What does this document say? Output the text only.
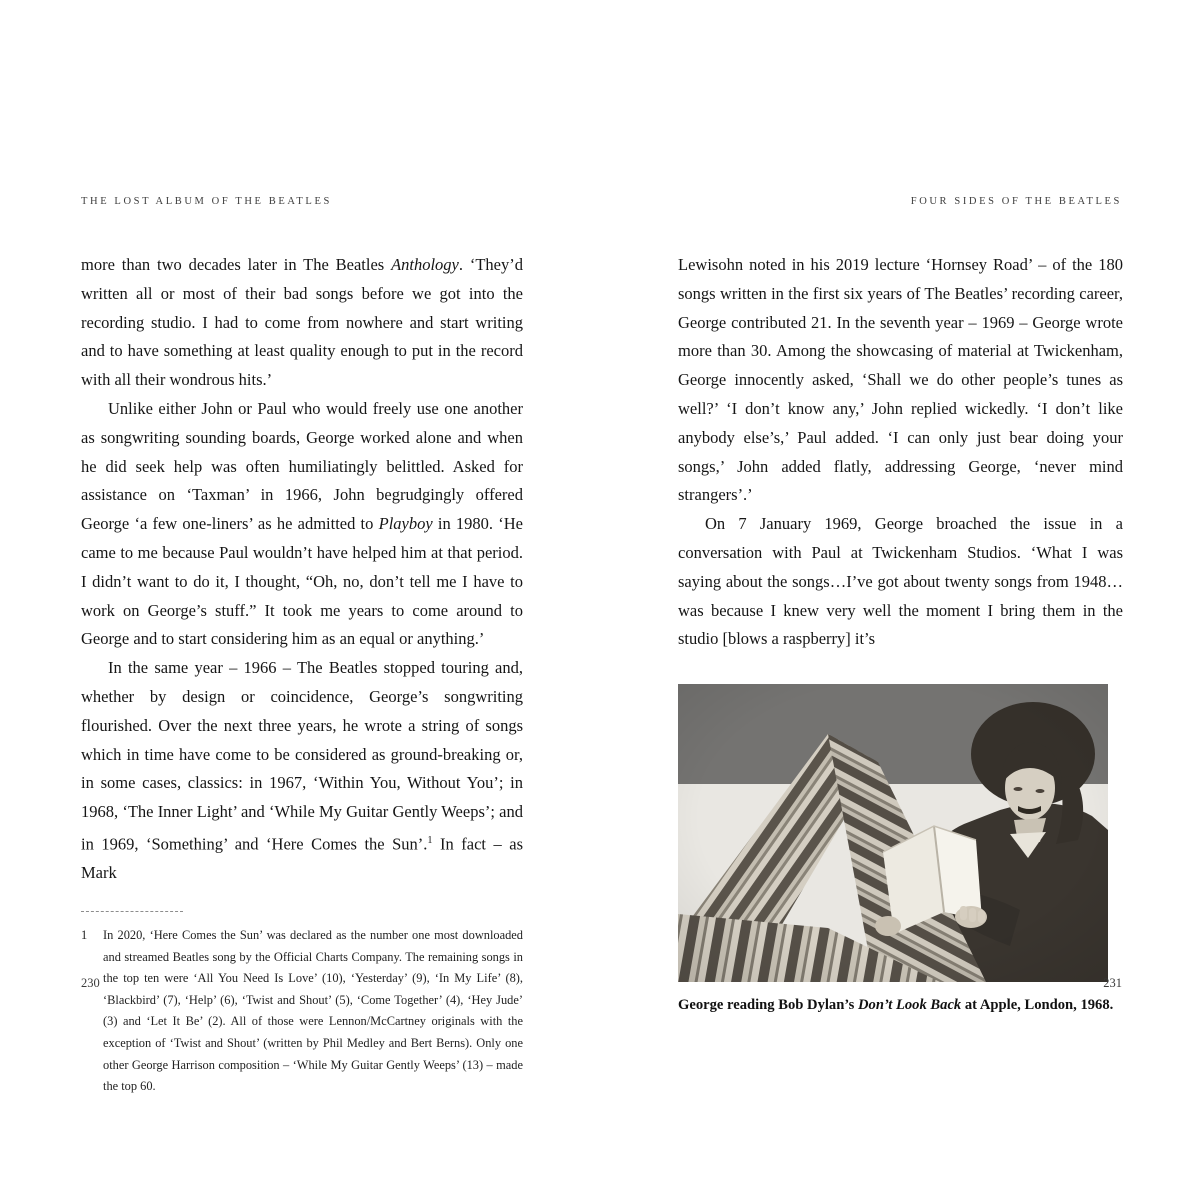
THE LOST ALBUM OF THE BEATLES	FOUR SIDES OF THE BEATLES

more than two decades later in The Beatles Anthology. ‘They’d written all or most of their bad songs before we got into the recording studio. I had to come from nowhere and start writing and to have something at least quality enough to put in the record with all their wondrous hits.’

Unlike either John or Paul who would freely use one another as songwriting sounding boards, George worked alone and when he did seek help was often humiliatingly belittled. Asked for assistance on ‘Taxman’ in 1966, John begrudgingly offered George ‘a few one-liners’ as he admitted to Playboy in 1980. ‘He came to me because Paul wouldn’t have helped him at that period. I didn’t want to do it, I thought, “Oh, no, don’t tell me I have to work on George’s stuff.” It took me years to come around to George and to start considering him as an equal or anything.’

In the same year – 1966 – The Beatles stopped touring and, whether by design or coincidence, George’s songwriting flourished. Over the next three years, he wrote a string of songs which in time have come to be considered as ground-breaking or, in some cases, classics: in 1967, ‘Within You, Without You’; in 1968, ‘The Inner Light’ and ‘While My Guitar Gently Weeps’; and in 1969, ‘Something’ and ‘Here Comes the Sun’.$^1$ In fact – as Mark

1	In 2020, ‘Here Comes the Sun’ was declared as the number one most downloaded and streamed Beatles song by the Official Charts Company. The remaining songs in the top ten were ‘All You Need Is Love’ (10), ‘Yesterday’ (9), ‘In My Life’ (8), ‘Blackbird’ (7), ‘Help’ (6), ‘Twist and Shout’ (5), ‘Come Together’ (4), ‘Hey Jude’ (3) and ‘Let It Be’ (2). All of those were Lennon/McCartney originals with the exception of ‘Twist and Shout’ (written by Phil Medley and Bert Berns). Only one other George Harrison composition – ‘While My Guitar Gently Weeps’ (13) – made the top 60.

Lewisohn noted in his 2019 lecture ‘Hornsey Road’ – of the 180 songs written in the first six years of The Beatles’ recording career, George contributed 21. In the seventh year – 1969 – George wrote more than 30. Among the showcasing of material at Twickenham, George innocently asked, ‘Shall we do other people’s tunes as well?’ ‘I don’t know any,’ John replied wickedly. ‘I don’t like anybody else’s,’ Paul added. ‘I can only just bear doing your songs,’ John added flatly, addressing George, ‘never mind strangers’.’

On 7 January 1969, George broached the issue in a conversation with Paul at Twickenham Studios. ‘What I was saying about the songs…I’ve got about twenty songs from 1948…was because I knew very well the moment I bring them in the studio [blows a raspberry] it’s

George reading Bob Dylan’s Don’t Look Back at Apple, London, 1968.
230	231
